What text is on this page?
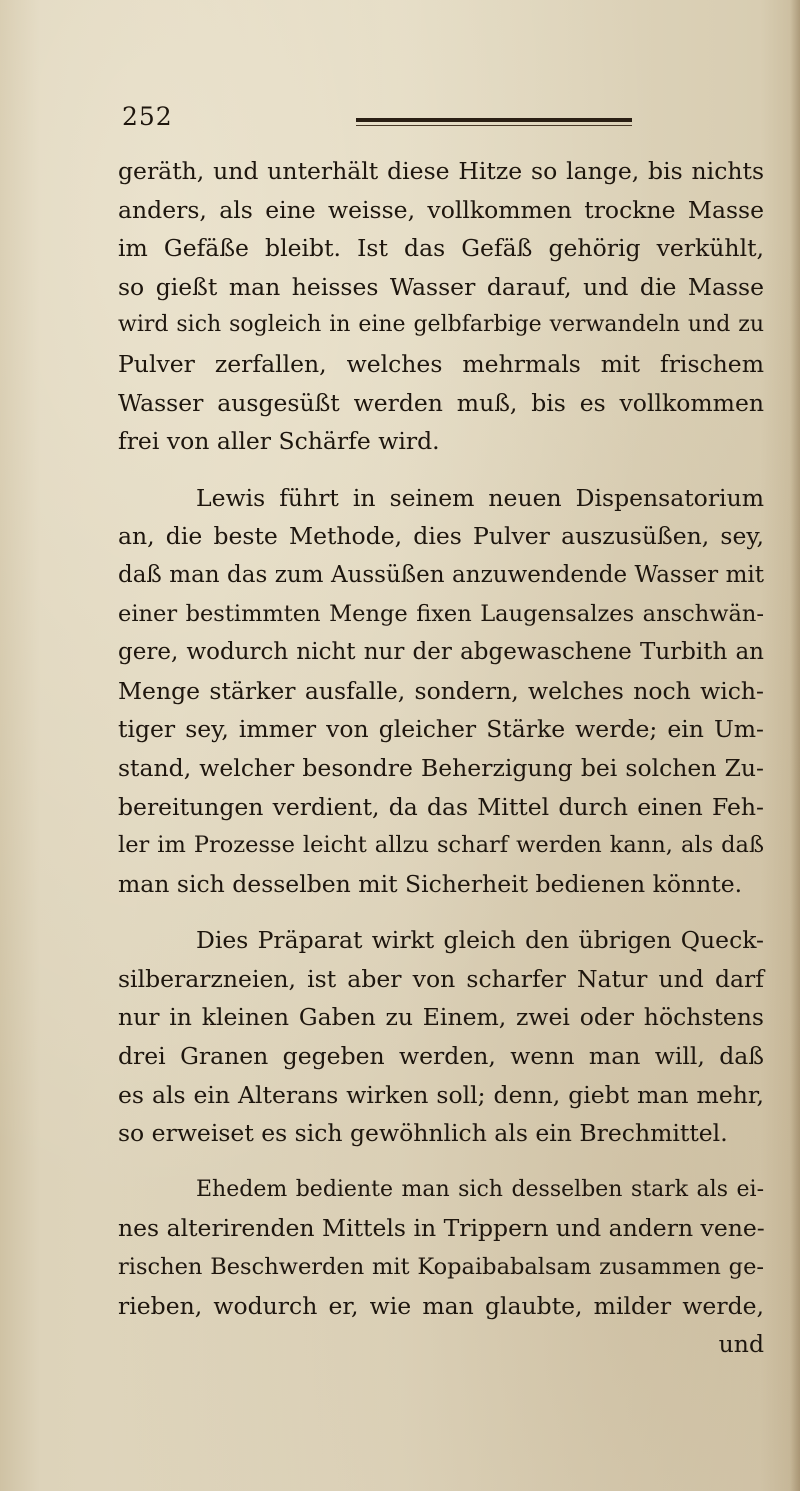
252
geräth, und unterhält diese Hitze so lange, bis nichts
anders, als eine weisse, vollkommen trockne Masse
im Gefäße bleibt. Ist das Gefäß gehörig verkühlt,
so gießt man heisses Wasser darauf, und die Masse
wird sich sogleich in eine gelbfarbige verwandeln und zu
Pulver zerfallen, welches mehrmals mit frischem
Wasser ausgesüßt werden muß, bis es vollkommen
frei von aller Schärfe wird.
Lewis führt in seinem neuen Dispensatorium
an, die beste Methode, dies Pulver auszusüßen, sey,
daß man das zum Aussüßen anzuwendende Wasser mit
einer bestimmten Menge fixen Laugensalzes anschwän-
gere, wodurch nicht nur der abgewaschene Turbith an
Menge stärker ausfalle, sondern, welches noch wich-
tiger sey, immer von gleicher Stärke werde; ein Um-
stand, welcher besondre Beherzigung bei solchen Zu-
bereitungen verdient, da das Mittel durch einen Feh-
ler im Prozesse leicht allzu scharf werden kann, als daß
man sich desselben mit Sicherheit bedienen könnte.
Dies Präparat wirkt gleich den übrigen Queck-
silberarzneien, ist aber von scharfer Natur und darf
nur in kleinen Gaben zu Einem, zwei oder höchstens
drei Granen gegeben werden, wenn man will, daß
es als ein Alterans wirken soll; denn, giebt man mehr,
so erweiset es sich gewöhnlich als ein Brechmittel.
Ehedem bediente man sich desselben stark als ei-
nes alterirenden Mittels in Trippern und andern vene-
rischen Beschwerden mit Kopaibabalsam zusammen ge-
rieben, wodurch er, wie man glaubte, milder werde,
und
